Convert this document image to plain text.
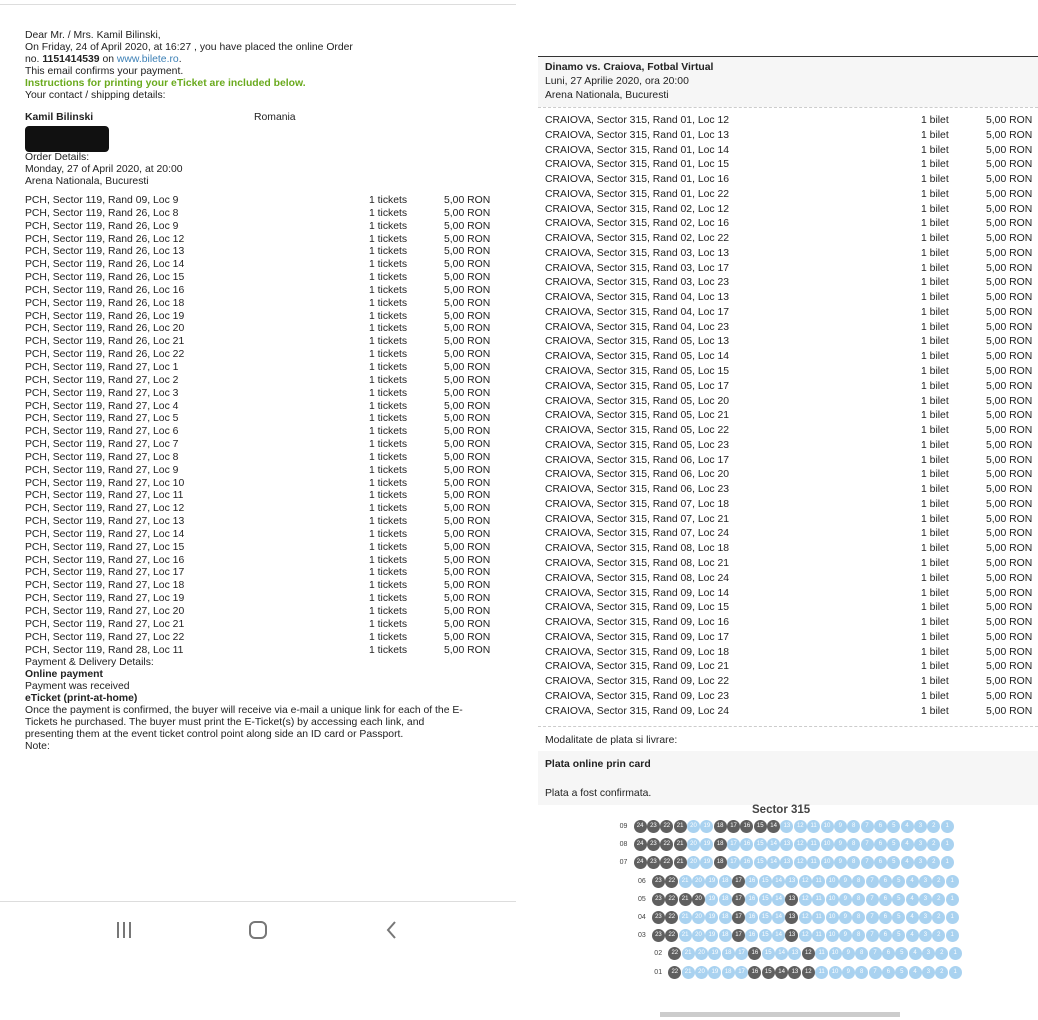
Dear Mr. / Mrs. Kamil Bilinski,

On Friday, 24 of April 2020, at 16:27 , you have placed the online Order
no. 1151414539 on www.bilete.ro.

This email confirms your payment.

Instructions for printing your eTicket are included below.

Your contact / shipping details:

Kamil Bilinski	Romania

Order Details:

Monday, 27 of April 2020, at 20:00

Arena Nationala, Bucuresti

PCH, Sector 119, Rand 09, Loc 9	1 tickets	5,00 RON
PCH, Sector 119, Rand 26, Loc 8	1 tickets	5,00 RON
PCH, Sector 119, Rand 26, Loc 9	1 tickets	5,00 RON
PCH, Sector 119, Rand 26, Loc 12	1 tickets	5,00 RON
PCH, Sector 119, Rand 26, Loc 13	1 tickets	5,00 RON
PCH, Sector 119, Rand 26, Loc 14	1 tickets	5,00 RON
PCH, Sector 119, Rand 26, Loc 15	1 tickets	5,00 RON
PCH, Sector 119, Rand 26, Loc 16	1 tickets	5,00 RON
PCH, Sector 119, Rand 26, Loc 18	1 tickets	5,00 RON
PCH, Sector 119, Rand 26, Loc 19	1 tickets	5,00 RON
PCH, Sector 119, Rand 26, Loc 20	1 tickets	5,00 RON
PCH, Sector 119, Rand 26, Loc 21	1 tickets	5,00 RON
PCH, Sector 119, Rand 26, Loc 22	1 tickets	5,00 RON
PCH, Sector 119, Rand 27, Loc 1	1 tickets	5,00 RON
PCH, Sector 119, Rand 27, Loc 2	1 tickets	5,00 RON
PCH, Sector 119, Rand 27, Loc 3	1 tickets	5,00 RON
PCH, Sector 119, Rand 27, Loc 4	1 tickets	5,00 RON
PCH, Sector 119, Rand 27, Loc 5	1 tickets	5,00 RON
PCH, Sector 119, Rand 27, Loc 6	1 tickets	5,00 RON
PCH, Sector 119, Rand 27, Loc 7	1 tickets	5,00 RON
PCH, Sector 119, Rand 27, Loc 8	1 tickets	5,00 RON
PCH, Sector 119, Rand 27, Loc 9	1 tickets	5,00 RON
PCH, Sector 119, Rand 27, Loc 10	1 tickets	5,00 RON
PCH, Sector 119, Rand 27, Loc 11	1 tickets	5,00 RON
PCH, Sector 119, Rand 27, Loc 12	1 tickets	5,00 RON
PCH, Sector 119, Rand 27, Loc 13	1 tickets	5,00 RON
PCH, Sector 119, Rand 27, Loc 14	1 tickets	5,00 RON
PCH, Sector 119, Rand 27, Loc 15	1 tickets	5,00 RON
PCH, Sector 119, Rand 27, Loc 16	1 tickets	5,00 RON
PCH, Sector 119, Rand 27, Loc 17	1 tickets	5,00 RON
PCH, Sector 119, Rand 27, Loc 18	1 tickets	5,00 RON
PCH, Sector 119, Rand 27, Loc 19	1 tickets	5,00 RON
PCH, Sector 119, Rand 27, Loc 20	1 tickets	5,00 RON
PCH, Sector 119, Rand 27, Loc 21	1 tickets	5,00 RON
PCH, Sector 119, Rand 27, Loc 22	1 tickets	5,00 RON
PCH, Sector 119, Rand 28, Loc 11	1 tickets	5,00 RON

Payment & Delivery Details:

Online payment

Payment was received

eTicket (print-at-home)

Once the payment is confirmed, the buyer will receive via e-mail a unique link for each of the E-
Tickets he purchased. The buyer must print the E-Ticket(s) by accessing each link, and
presenting them at the event ticket control point along side an ID card or Passport.

Note:

Dinamo vs. Craiova, Fotbal Virtual
Luni, 27 Aprilie 2020, ora 20:00
Arena Nationala, Bucuresti
CRAIOVA, Sector 315, Rand 01, Loc 12	1 bilet	5,00 RON
CRAIOVA, Sector 315, Rand 01, Loc 13	1 bilet	5,00 RON
CRAIOVA, Sector 315, Rand 01, Loc 14	1 bilet	5,00 RON
CRAIOVA, Sector 315, Rand 01, Loc 15	1 bilet	5,00 RON
CRAIOVA, Sector 315, Rand 01, Loc 16	1 bilet	5,00 RON
CRAIOVA, Sector 315, Rand 01, Loc 22	1 bilet	5,00 RON
CRAIOVA, Sector 315, Rand 02, Loc 12	1 bilet	5,00 RON
CRAIOVA, Sector 315, Rand 02, Loc 16	1 bilet	5,00 RON
CRAIOVA, Sector 315, Rand 02, Loc 22	1 bilet	5,00 RON
CRAIOVA, Sector 315, Rand 03, Loc 13	1 bilet	5,00 RON
CRAIOVA, Sector 315, Rand 03, Loc 17	1 bilet	5,00 RON
CRAIOVA, Sector 315, Rand 03, Loc 23	1 bilet	5,00 RON
CRAIOVA, Sector 315, Rand 04, Loc 13	1 bilet	5,00 RON
CRAIOVA, Sector 315, Rand 04, Loc 17	1 bilet	5,00 RON
CRAIOVA, Sector 315, Rand 04, Loc 23	1 bilet	5,00 RON
CRAIOVA, Sector 315, Rand 05, Loc 13	1 bilet	5,00 RON
CRAIOVA, Sector 315, Rand 05, Loc 14	1 bilet	5,00 RON
CRAIOVA, Sector 315, Rand 05, Loc 15	1 bilet	5,00 RON
CRAIOVA, Sector 315, Rand 05, Loc 17	1 bilet	5,00 RON
CRAIOVA, Sector 315, Rand 05, Loc 20	1 bilet	5,00 RON
CRAIOVA, Sector 315, Rand 05, Loc 21	1 bilet	5,00 RON
CRAIOVA, Sector 315, Rand 05, Loc 22	1 bilet	5,00 RON
CRAIOVA, Sector 315, Rand 05, Loc 23	1 bilet	5,00 RON
CRAIOVA, Sector 315, Rand 06, Loc 17	1 bilet	5,00 RON
CRAIOVA, Sector 315, Rand 06, Loc 20	1 bilet	5,00 RON
CRAIOVA, Sector 315, Rand 06, Loc 23	1 bilet	5,00 RON
CRAIOVA, Sector 315, Rand 07, Loc 18	1 bilet	5,00 RON
CRAIOVA, Sector 315, Rand 07, Loc 21	1 bilet	5,00 RON
CRAIOVA, Sector 315, Rand 07, Loc 24	1 bilet	5,00 RON
CRAIOVA, Sector 315, Rand 08, Loc 18	1 bilet	5,00 RON
CRAIOVA, Sector 315, Rand 08, Loc 21	1 bilet	5,00 RON
CRAIOVA, Sector 315, Rand 08, Loc 24	1 bilet	5,00 RON
CRAIOVA, Sector 315, Rand 09, Loc 14	1 bilet	5,00 RON
CRAIOVA, Sector 315, Rand 09, Loc 15	1 bilet	5,00 RON
CRAIOVA, Sector 315, Rand 09, Loc 16	1 bilet	5,00 RON
CRAIOVA, Sector 315, Rand 09, Loc 17	1 bilet	5,00 RON
CRAIOVA, Sector 315, Rand 09, Loc 18	1 bilet	5,00 RON
CRAIOVA, Sector 315, Rand 09, Loc 21	1 bilet	5,00 RON
CRAIOVA, Sector 315, Rand 09, Loc 22	1 bilet	5,00 RON
CRAIOVA, Sector 315, Rand 09, Loc 23	1 bilet	5,00 RON
CRAIOVA, Sector 315, Rand 09, Loc 24	1 bilet	5,00 RON
Modalitate de plata si livrare:
Plata online prin card
Plata a fost confirmata.
Sector 315
09	24	23	22	21	20	19	18	17	16	15	14	13	12	11	10	9	8	7	6	5	4	3	2	1
08	24	23	22	21	20	19	18	17	16	15	14	13	12	11	10	9	8	7	6	5	4	3	2	1
07	24	23	22	21	20	19	18	17	16	15	14	13	12	11	10	9	8	7	6	5	4	3	2	1
06	23	22	21	20	19	18	17	16	15	14	13	12	11	10	9	8	7	6	5	4	3	2	1
05	23	22	21	20	19	18	17	16	15	14	13	12	11	10	9	8	7	6	5	4	3	2	1
04	23	22	21	20	19	18	17	16	15	14	13	12	11	10	9	8	7	6	5	4	3	2	1
03	23	22	21	20	19	18	17	16	15	14	13	12	11	10	9	8	7	6	5	4	3	2	1
02	22	21	20	19	18	17	16	15	14	13	12	11	10	9	8	7	6	5	4	3	2	1
01	22	21	20	19	18	17	16	15	14	13	12	11	10	9	8	7	6	5	4	3	2	1
